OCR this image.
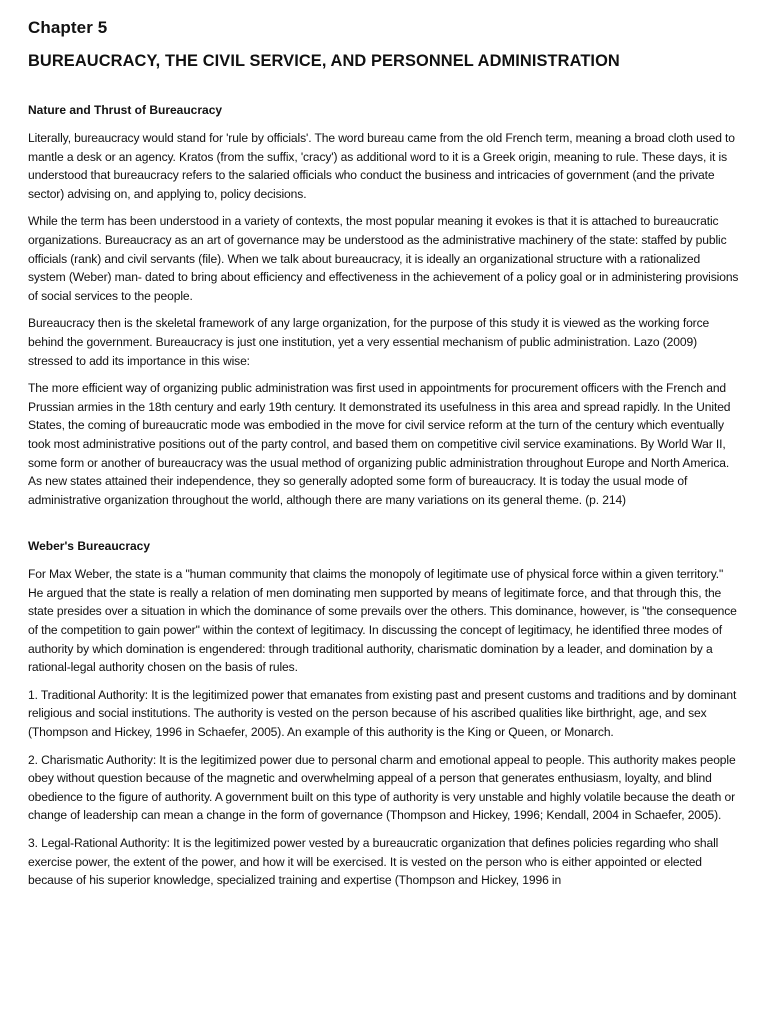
Chapter 5
BUREAUCRACY, THE CIVIL SERVICE, AND PERSONNEL ADMINISTRATION
Nature and Thrust of Bureaucracy

Literally, bureaucracy would stand for 'rule by officials'. The word bureau came from the old French term, meaning a broad cloth used to mantle a desk or an agency. Kratos (from the suffix, 'cracy') as additional word to it is a Greek origin, meaning to rule. These days, it is understood that bureaucracy refers to the salaried officials who conduct the business and intricacies of government (and the private sector) advising on, and applying to, policy decisions.

While the term has been understood in a variety of contexts, the most popular meaning it evokes is that it is attached to bureaucratic organizations. Bureaucracy as an art of governance may be understood as the administrative machinery of the state: staffed by public officials (rank) and civil servants (file). When we talk about bureaucracy, it is ideally an organizational structure with a rationalized system (Weber) man- dated to bring about efficiency and effectiveness in the achievement of a policy goal or in administering provisions of social services to the people.

Bureaucracy then is the skeletal framework of any large organization, for the purpose of this study it is viewed as the working force behind the government. Bureaucracy is just one institution, yet a very essential mechanism of public administration. Lazo (2009) stressed to add its importance in this wise:

The more efficient way of organizing public administration was first used in appointments for procurement officers with the French and Prussian armies in the 18th century and early 19th century. It demonstrated its usefulness in this area and spread rapidly. In the United States, the coming of bureaucratic mode was embodied in the move for civil service reform at the turn of the century which eventually took most administrative positions out of the party control, and based them on competitive civil service examinations. By World War II, some form or another of bureaucracy was the usual method of organizing public administration throughout Europe and North America. As new states attained their independence, they so generally adopted some form of bureaucracy. It is today the usual mode of administrative organization throughout the world, although there are many variations on its general theme. (p. 214)

Weber's Bureaucracy

For Max Weber, the state is a "human community that claims the monopoly of legitimate use of physical force within a given territory." He argued that the state is really a relation of men dominating men supported by means of legitimate force, and that through this, the state presides over a situation in which the dominance of some prevails over the others. This dominance, however, is "the consequence of the competition to gain power" within the context of legitimacy. In discussing the concept of legitimacy, he identified three modes of authority by which domination is engendered: through traditional authority, charismatic domination by a leader, and domination by a rational-legal authority chosen on the basis of rules.

1. Traditional Authority: It is the legitimized power that emanates from existing past and present customs and traditions and by dominant religious and social institutions. The authority is vested on the person because of his ascribed qualities like birthright, age, and sex (Thompson and Hickey, 1996 in Schaefer, 2005). An example of this authority is the King or Queen, or Monarch.

2. Charismatic Authority: It is the legitimized power due to personal charm and emotional appeal to people. This authority makes people obey without question because of the magnetic and overwhelming appeal of a person that generates enthusiasm, loyalty, and blind obedience to the figure of authority. A government built on this type of authority is very unstable and highly volatile because the death or change of leadership can mean a change in the form of governance (Thompson and Hickey, 1996; Kendall, 2004 in Schaefer, 2005).

3. Legal-Rational Authority: It is the legitimized power vested by a bureaucratic organization that defines policies regarding who shall exercise power, the extent of the power, and how it will be exercised. It is vested on the person who is either appointed or elected because of his superior knowledge, specialized training and expertise (Thompson and Hickey, 1996 in
